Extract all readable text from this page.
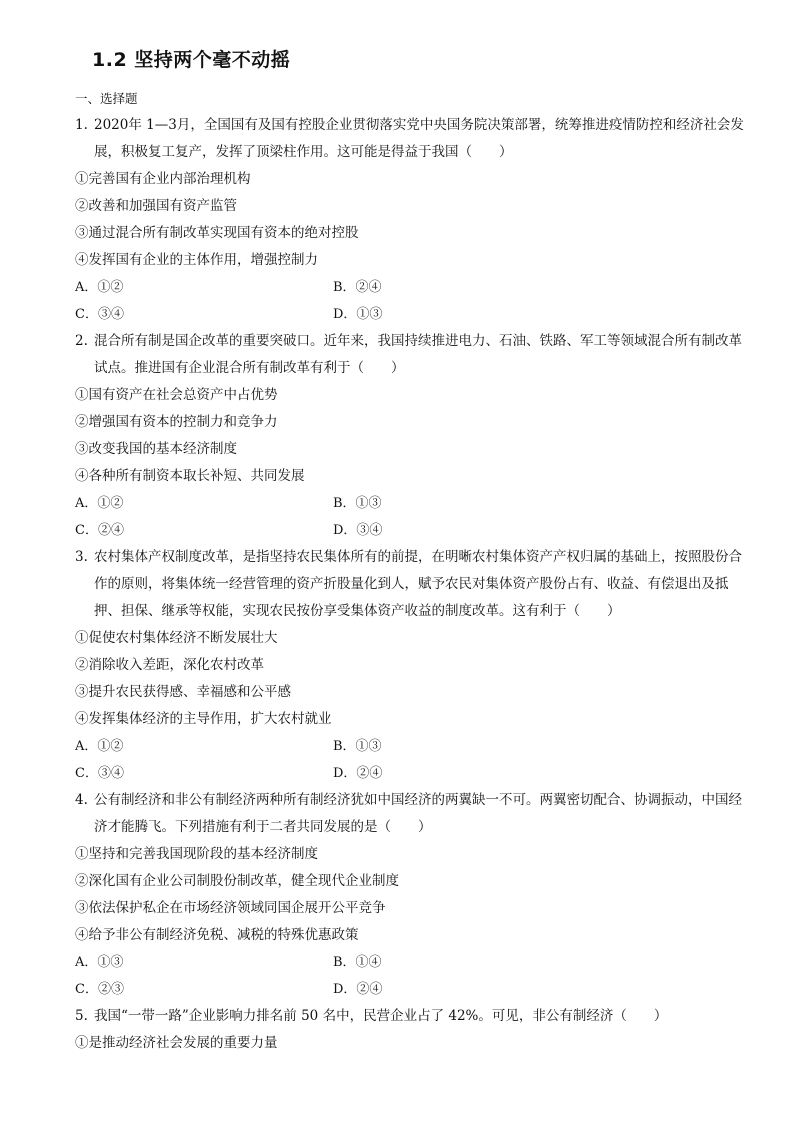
1.2 坚持两个毫不动摇
一、选择题
1. 2020年 1—3月，全国国有及国有控股企业贯彻落实党中央国务院决策部署，统筹推进疫情防控和经济社会发展，积极复工复产，发挥了顶梁柱作用。这可能是得益于我国（　　）
①完善国有企业内部治理机构
②改善和加强国有资产监管
③通过混合所有制改革实现国有资本的绝对控股
④发挥国有企业的主体作用，增强控制力
A．①②	B．②④
C．③④	D．①③
2. 混合所有制是国企改革的重要突破口。近年来，我国持续推进电力、石油、铁路、军工等领域混合所有制改革试点。推进国有企业混合所有制改革有利于（　　）
①国有资产在社会总资产中占优势
②增强国有资本的控制力和竞争力
③改变我国的基本经济制度
④各种所有制资本取长补短、共同发展
A．①②	B．①③
C．②④	D．③④
3. 农村集体产权制度改革，是指坚持农民集体所有的前提，在明晰农村集体资产产权归属的基础上，按照股份合作的原则，将集体统一经营管理的资产折股量化到人，赋予农民对集体资产股份占有、收益、有偿退出及抵押、担保、继承等权能，实现农民按份享受集体资产收益的制度改革。这有利于（　　）
①促使农村集体经济不断发展壮大
②消除收入差距，深化农村改革
③提升农民获得感、幸福感和公平感
④发挥集体经济的主导作用，扩大农村就业
A．①②	B．①③
C．③④	D．②④
4. 公有制经济和非公有制经济两种所有制经济犹如中国经济的两翼缺一不可。两翼密切配合、协调振动，中国经济才能腾飞。下列措施有利于二者共同发展的是（　　）
①坚持和完善我国现阶段的基本经济制度
②深化国有企业公司制股份制改革，健全现代企业制度
③依法保护私企在市场经济领域同国企展开公平竞争
④给予非公有制经济免税、减税的特殊优惠政策
A．①③	B．①④
C．②③	D．②④
5. 我国“一带一路”企业影响力排名前 50 名中，民营企业占了 42%。可见，非公有制经济（　　）
①是推动经济社会发展的重要力量
